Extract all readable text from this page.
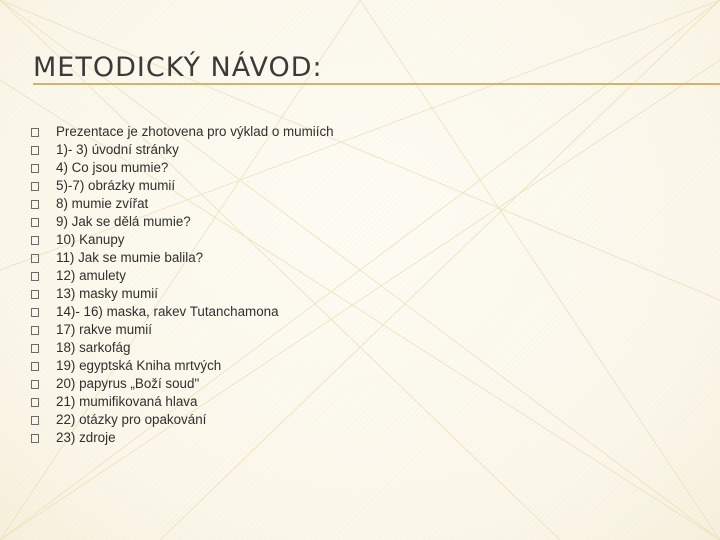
METODICKÝ NÁVOD:
Prezentace je zhotovena pro výklad o mumiích
1)- 3) úvodní stránky
4) Co jsou mumie?
5)-7) obrázky mumií
8) mumie zvířat
9) Jak se dělá mumie?
10) Kanupy
11) Jak se mumie balila?
12) amulety
13) masky mumií
14)- 16) maska, rakev Tutanchamona
17) rakve mumií
18) sarkofág
19) egyptská Kniha mrtvých
20) papyrus „Boží soud"
21) mumifikovaná hlava
22) otázky pro opakování
23) zdroje
